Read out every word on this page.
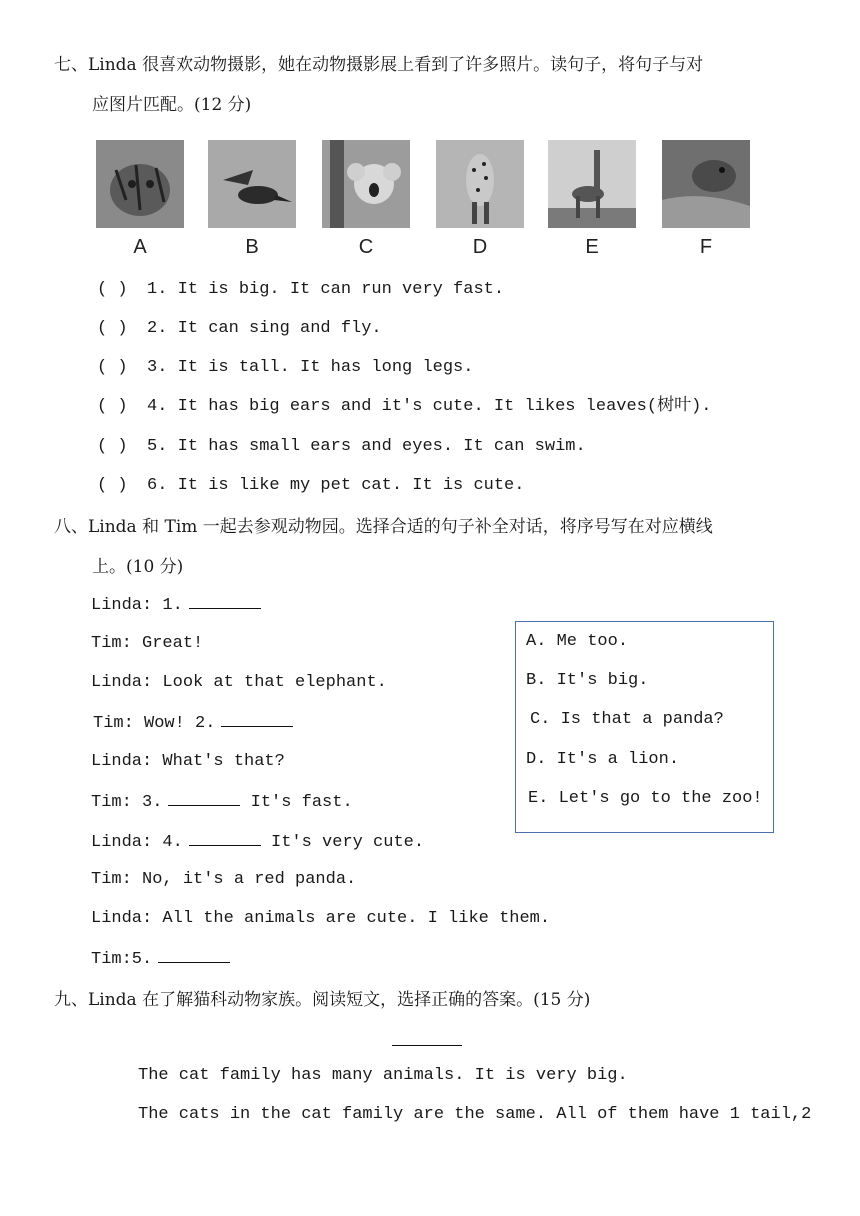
七、Linda 很喜欢动物摄影，她在动物摄影展上看到了许多照片。读句子，将句子与对
应图片匹配。(12 分)
A	B	C	D	E	F
( ) 1. It is big. It can run very fast.
( ) 2. It can sing and fly.
( ) 3. It is tall. It has long legs.
( ) 4. It has big ears and it's cute. It likes leaves(树叶).
( ) 5. It has small ears and eyes. It can swim.
( ) 6. It is like my pet cat. It is cute.
八、Linda 和 Tim 一起去参观动物园。选择合适的句子补全对话，将序号写在对应横线
上。(10 分)
Linda: 1.
Tim: Great!
Linda: Look at that elephant.
Tim: Wow! 2.
Linda: What's that?
Tim: 3.	It's fast.
Linda: 4.	It's very cute.
Tim: No, it's a red panda.
Linda: All the animals are cute. I like them.
Tim:5.
A. Me too.
B. It's big.
C. Is that a panda?
D. It's a lion.
E. Let's go to the zoo!
九、Linda 在了解猫科动物家族。阅读短文，选择正确的答案。(15 分)
The cat family has many animals. It is very big.
The cats in the cat family are the same. All of them have 1 tail,2
